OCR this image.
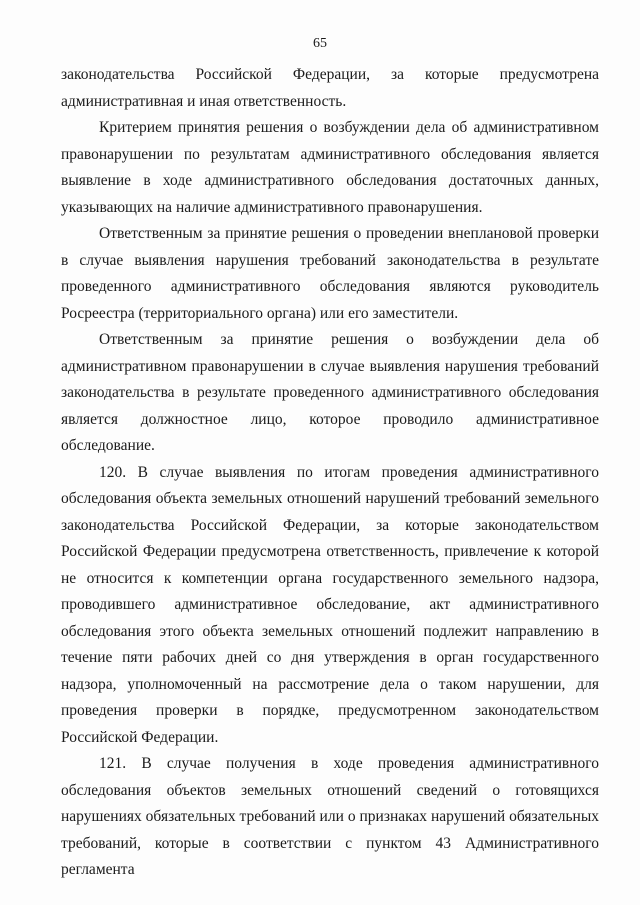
65

законодательства Российской Федерации, за которые предусмотрена административная и иная ответственность.

Критерием принятия решения о возбуждении дела об административном правонарушении по результатам административного обследования является выявление в ходе административного обследования достаточных данных, указывающих на наличие административного правонарушения.

Ответственным за принятие решения о проведении внеплановой проверки в случае выявления нарушения требований законодательства в результате проведенного административного обследования являются руководитель Росреестра (территориального органа) или его заместители.

Ответственным за принятие решения о возбуждении дела об административном правонарушении в случае выявления нарушения требований законодательства в результате проведенного административного обследования является должностное лицо, которое проводило административное обследование.

120. В случае выявления по итогам проведения административного обследования объекта земельных отношений нарушений требований земельного законодательства Российской Федерации, за которые законодательством Российской Федерации предусмотрена ответственность, привлечение к которой не относится к компетенции органа государственного земельного надзора, проводившего административное обследование, акт административного обследования этого объекта земельных отношений подлежит направлению в течение пяти рабочих дней со дня утверждения в орган государственного надзора, уполномоченный на рассмотрение дела о таком нарушении, для проведения проверки в порядке, предусмотренном законодательством Российской Федерации.

121. В случае получения в ходе проведения административного обследования объектов земельных отношений сведений о готовящихся нарушениях обязательных требований или о признаках нарушений обязательных требований, которые в соответствии с пунктом 43 Административного регламента
